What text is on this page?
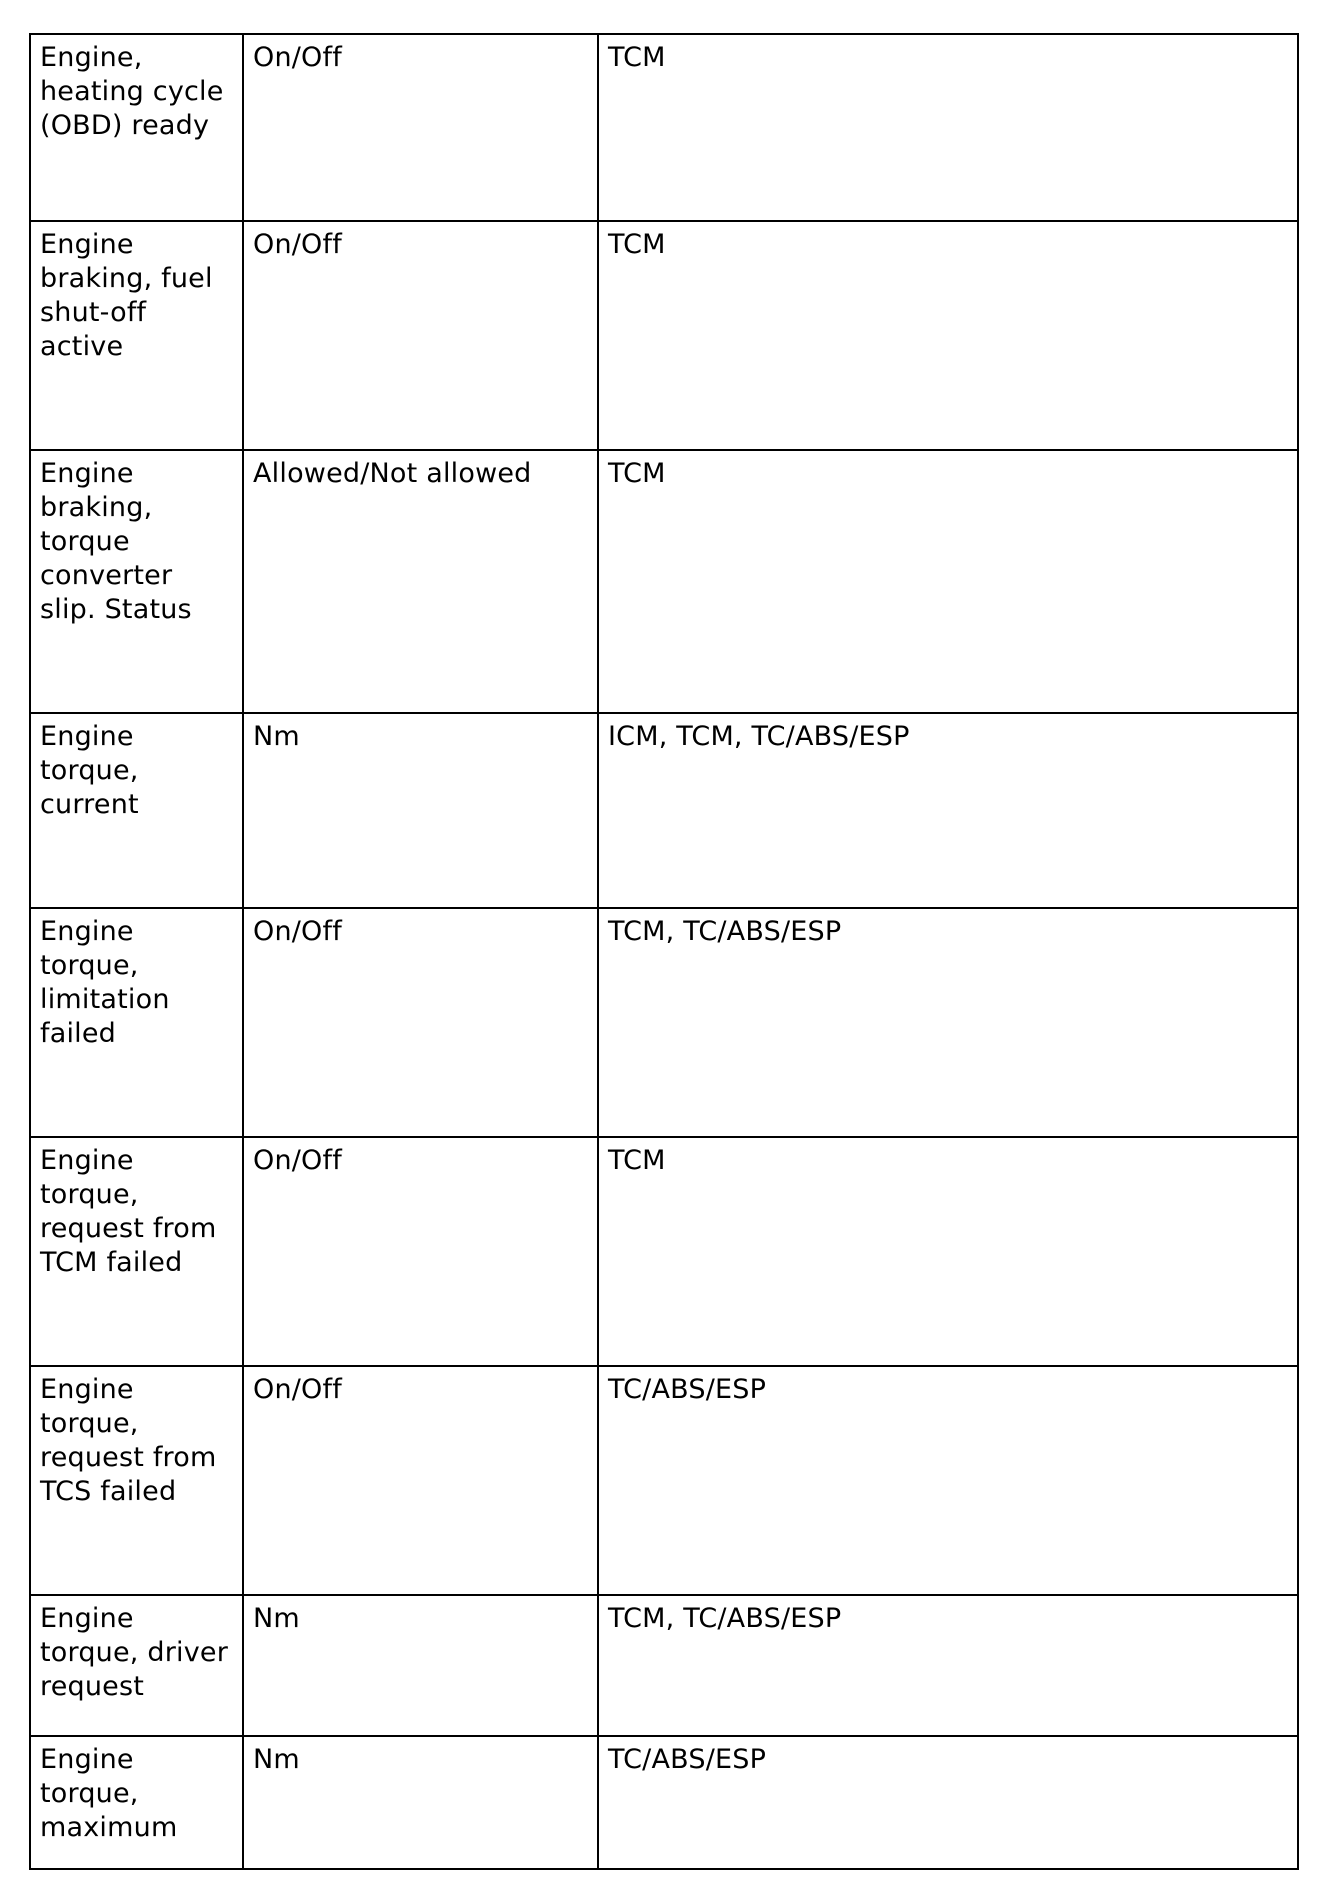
Engine, heating cycle (OBD) ready	On/Off	TCM
Engine braking, fuel shut-off active	On/Off	TCM
Engine braking, torque converter slip. Status	Allowed/Not allowed	TCM
Engine torque, current	Nm	ICM, TCM, TC/ABS/ESP
Engine torque, limitation failed	On/Off	TCM, TC/ABS/ESP
Engine torque, request from TCM failed	On/Off	TCM
Engine torque, request from TCS failed	On/Off	TC/ABS/ESP
Engine torque, driver request	Nm	TCM, TC/ABS/ESP
Engine torque, maximum	Nm	TC/ABS/ESP
